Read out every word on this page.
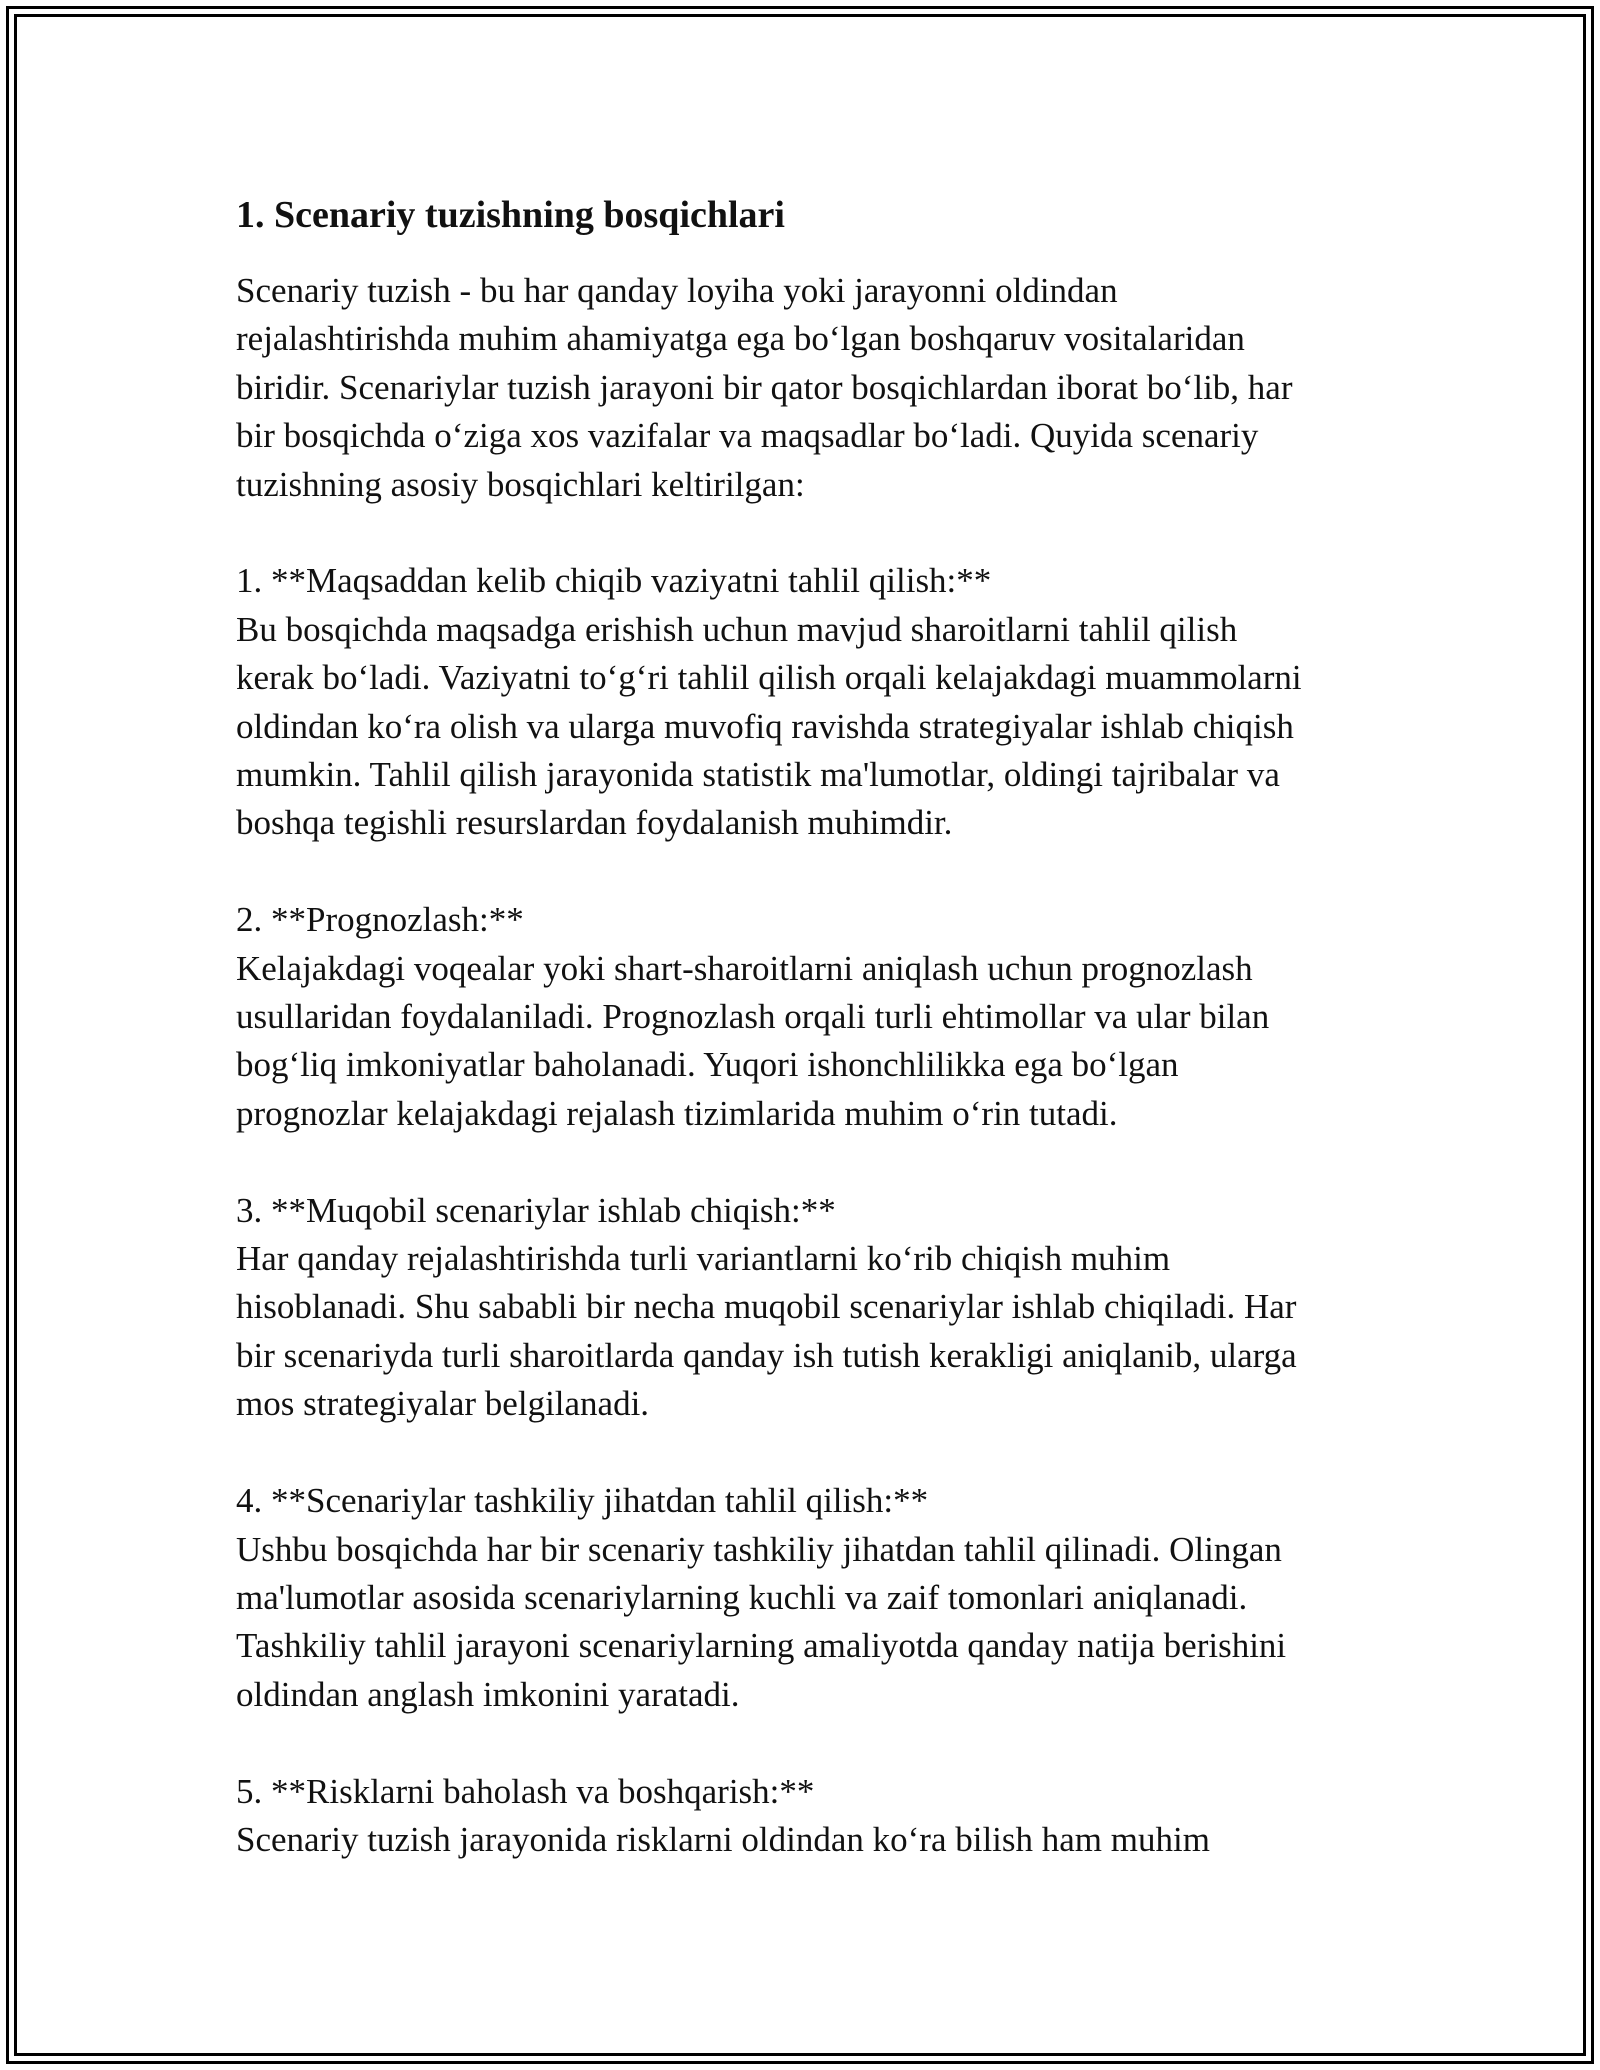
1. Scenariy tuzishning bosqichlari

Scenariy tuzish - bu har qanday loyiha yoki jarayonni oldindan
rejalashtirishda muhim ahamiyatga ega bo‘lgan boshqaruv vositalaridan
biridir. Scenariylar tuzish jarayoni bir qator bosqichlardan iborat bo‘lib, har
bir bosqichda o‘ziga xos vazifalar va maqsadlar bo‘ladi. Quyida scenariy
tuzishning asosiy bosqichlari keltirilgan:

1. **Maqsaddan kelib chiqib vaziyatni tahlil qilish:**

Bu bosqichda maqsadga erishish uchun mavjud sharoitlarni tahlil qilish
kerak bo‘ladi. Vaziyatni to‘g‘ri tahlil qilish orqali kelajakdagi muammolarni
oldindan ko‘ra olish va ularga muvofiq ravishda strategiyalar ishlab chiqish
mumkin. Tahlil qilish jarayonida statistik ma'lumotlar, oldingi tajribalar va
boshqa tegishli resurslardan foydalanish muhimdir.

2. **Prognozlash:**

Kelajakdagi voqealar yoki shart-sharoitlarni aniqlash uchun prognozlash
usullaridan foydalaniladi. Prognozlash orqali turli ehtimollar va ular bilan
bog‘liq imkoniyatlar baholanadi. Yuqori ishonchlilikka ega bo‘lgan
prognozlar kelajakdagi rejalash tizimlarida muhim o‘rin tutadi.

3. **Muqobil scenariylar ishlab chiqish:**

Har qanday rejalashtirishda turli variantlarni ko‘rib chiqish muhim
hisoblanadi. Shu sababli bir necha muqobil scenariylar ishlab chiqiladi. Har
bir scenariyda turli sharoitlarda qanday ish tutish kerakligi aniqlanib, ularga
mos strategiyalar belgilanadi.

4. **Scenariylar tashkiliy jihatdan tahlil qilish:**

Ushbu bosqichda har bir scenariy tashkiliy jihatdan tahlil qilinadi. Olingan
ma'lumotlar asosida scenariylarning kuchli va zaif tomonlari aniqlanadi.
Tashkiliy tahlil jarayoni scenariylarning amaliyotda qanday natija berishini
oldindan anglash imkonini yaratadi.

5. **Risklarni baholash va boshqarish:**

Scenariy tuzish jarayonida risklarni oldindan ko‘ra bilish ham muhim
